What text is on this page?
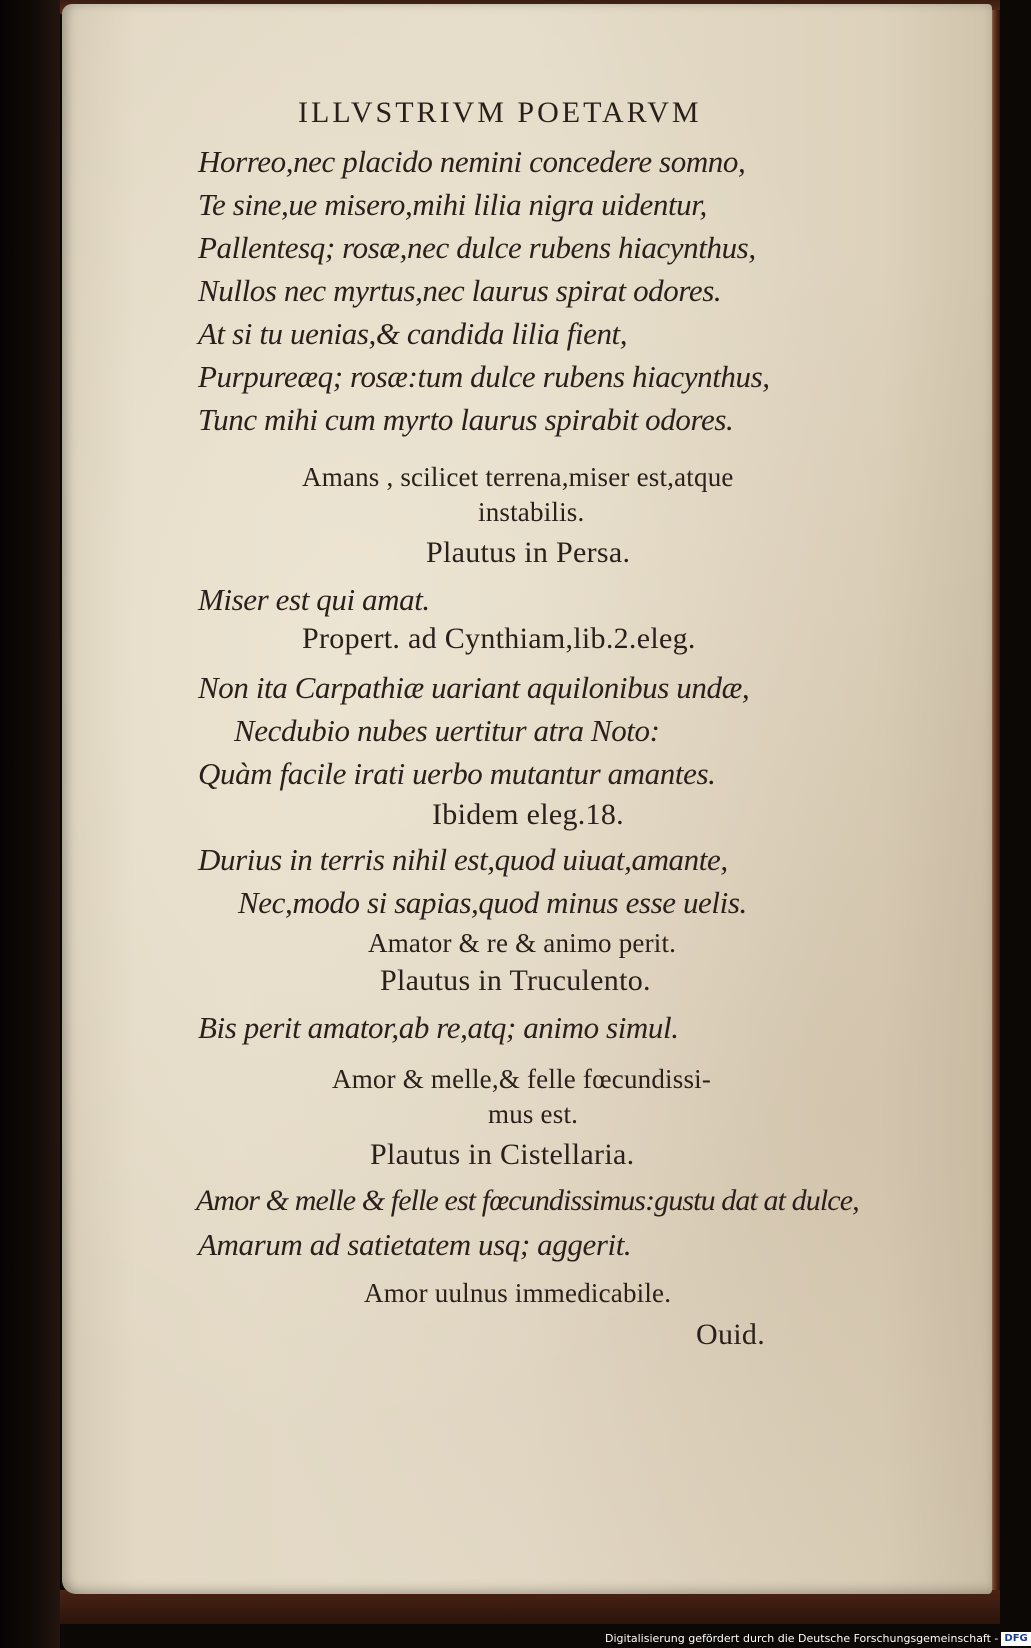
ILLVSTRIVM POETARVM
Horreo,nec placido nemini concedere somno,
Te sine,ue misero,mihi lilia nigra uidentur,
Pallentesq; rosæ,nec dulce rubens hiacynthus,
Nullos nec myrtus,nec laurus spirat odores.
At si tu uenias,& candida lilia fient,
Purpureæq; rosæ:tum dulce rubens hiacynthus,
Tunc mihi cum myrto laurus spirabit odores.
Amans , scilicet terrena,miser est,atque
instabilis.
Plautus in Persa.
Miser est qui amat.
Propert. ad Cynthiam,lib.2.eleg.
Non ita Carpathiæ uariant aquilonibus undæ,
Necdubio nubes uertitur atra Noto:
Quàm facile irati uerbo mutantur amantes.
Ibidem eleg.18.
Durius in terris nihil est,quod uiuat,amante,
Nec,modo si sapias,quod minus esse uelis.
Amator & re & animo perit.
Plautus in Truculento.
Bis perit amator,ab re,atq; animo simul.
Amor & melle,& felle fœcundissi-
mus est.
Plautus in Cistellaria.
Amor & melle & felle est fœcundissimus:gustu dat at dulce,
Amarum ad satietatem usq; aggerit.
Amor uulnus immedicabile.
Ouid.
Digitalisierung gefördert durch die Deutsche Forschungsgemeinschaft - DFG
